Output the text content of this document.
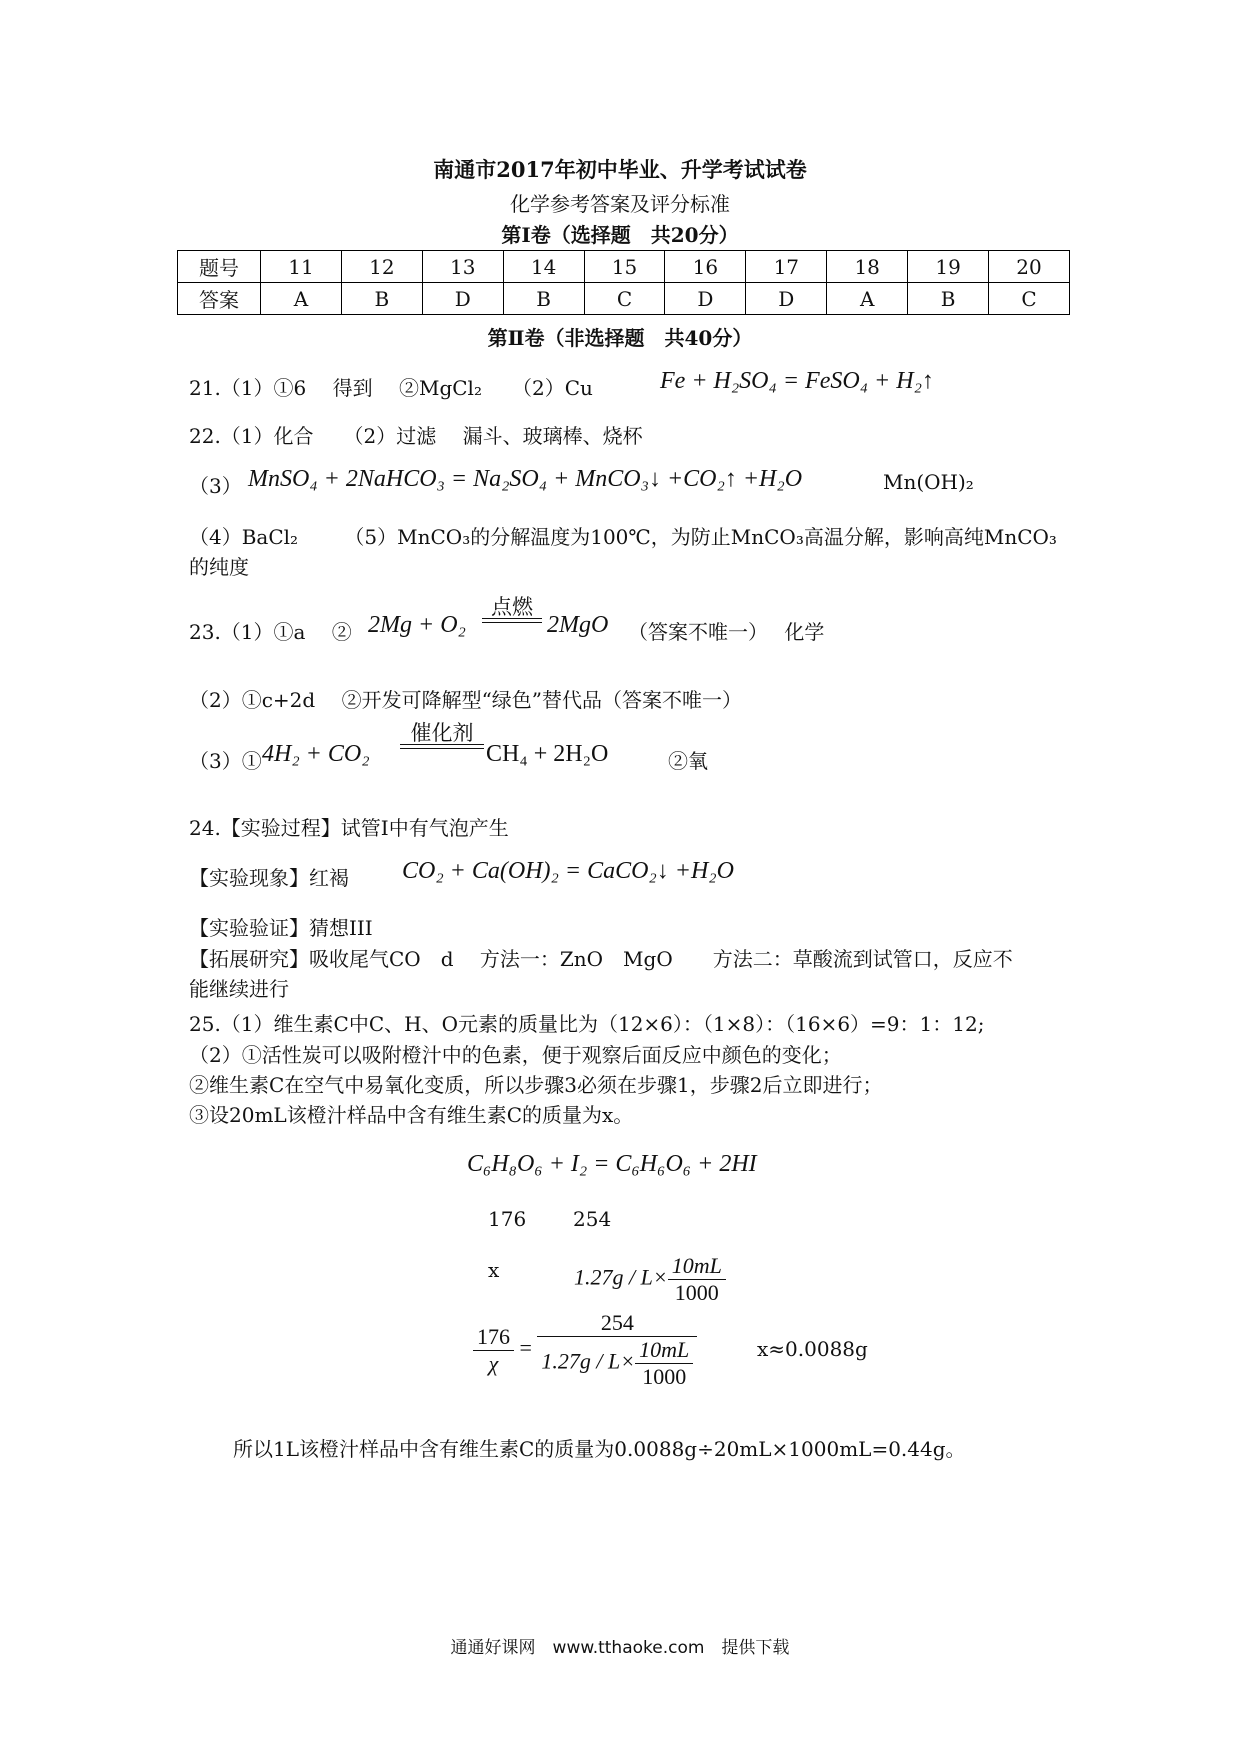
南通市2017年初中毕业、升学考试试卷
化学参考答案及评分标准
第Ⅰ卷（选择题　共20分）
题号	11	12	13	14	15	16	17	18	19	20
答案	A	B	D	B	C	D	D	A	B	C
第Ⅱ卷（非选择题　共40分）
21.（1）①6　 得到　 ②MgCl₂　　（2）Cu	Fe + H₂SO₄ = FeSO₄ + H₂↑
22.（1）化合　　（2）过滤　 漏斗、玻璃棒、烧杯
（3） MnSO₄ + 2NaHCO₃ = Na₂SO₄ + MnCO₃↓ +CO₂↑ +H₂O	Mn(OH)₂
（4）BaCl₂　　 （5）MnCO₃的分解温度为100℃，为防止MnCO₃高温分解，影响高纯MnCO₃
的纯度
23.（1）①a　 ② 2Mg + O₂
点燃
2MgO （答案不唯一）　 化学
（2）①c+2d　 ②开发可降解型“绿色”替代品（答案不唯一）
（3）① 4H₂ + CO₂
催化剂
CH₄ + 2H₂O	②氧
24.【实验过程】试管Ⅰ中有气泡产生
【实验现象】红褐 CO₂ + Ca(OH)₂ = CaCO₂↓ +H₂O
【实验验证】猜想III
【拓展研究】吸收尾气CO　d　 方法一：ZnO　MgO　　方法二：草酸流到试管口，反应不
能继续进行
25.（1）维生素C中C、H、O元素的质量比为（12×6）：（1×8）：（16×6）=9：1：12;
（2）①活性炭可以吸附橙汁中的色素，便于观察后面反应中颜色的变化；
②维生素C在空气中易氧化变质，所以步骤3必须在步骤1，步骤2后立即进行；
③设20mL该橙汁样品中含有维生素C的质量为x。
C₆H₈O₆ + I₂ = C₆H₆O₆ + 2HI
176 254
x	$1.27g / L\times \frac{10mL}{1000}$
$\frac{176}{\chi} = \frac{254}{1.27g / L\times \frac{10mL}{1000}}$	x≈0.0088g
所以1L该橙汁样品中含有维生素C的质量为0.0088g÷20mL×1000mL=0.44g。
通通好课网　www.tthaoke.com　提供下载
